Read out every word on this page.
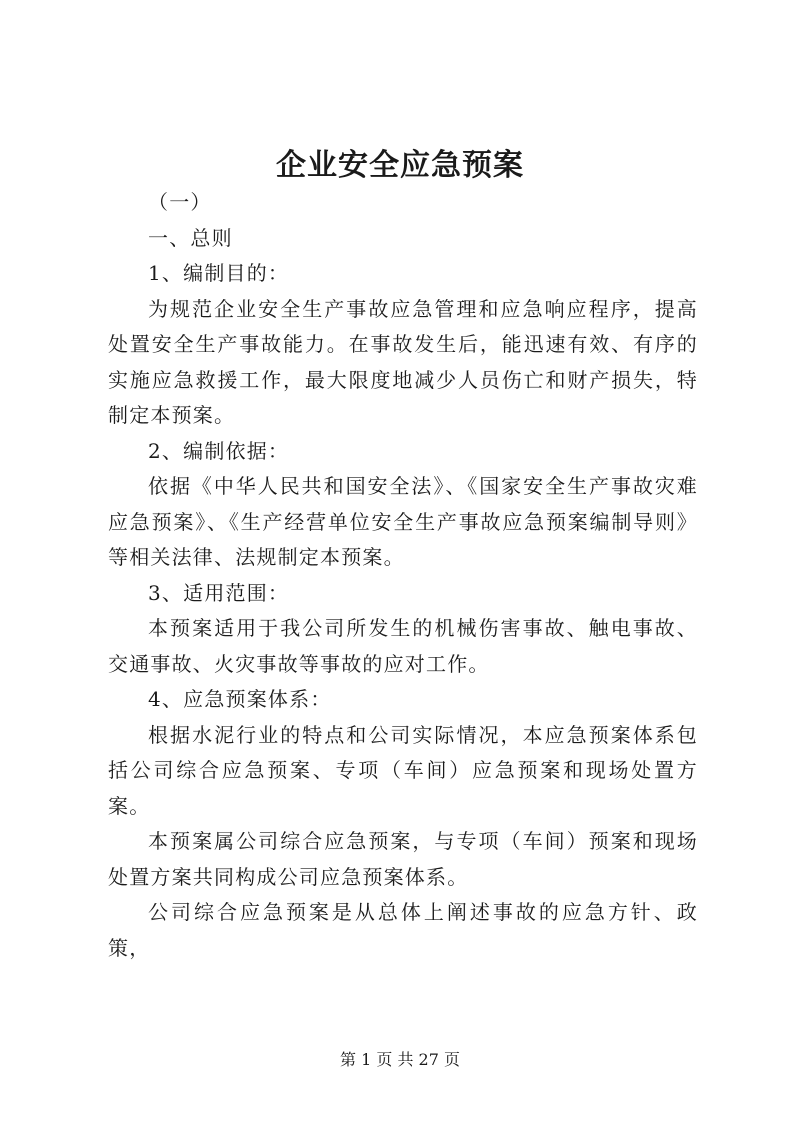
企业安全应急预案

（一）

一、总则

1、编制目的：

为规范企业安全生产事故应急管理和应急响应程序，提高处置安全生产事故能力。在事故发生后，能迅速有效、有序的实施应急救援工作，最大限度地减少人员伤亡和财产损失，特制定本预案。

2、编制依据：

依据《中华人民共和国安全法》、《国家安全生产事故灾难应急预案》、《生产经营单位安全生产事故应急预案编制导则》等相关法律、法规制定本预案。

3、适用范围：

本预案适用于我公司所发生的机械伤害事故、触电事故、交通事故、火灾事故等事故的应对工作。

4、应急预案体系：

根据水泥行业的特点和公司实际情况，本应急预案体系包括公司综合应急预案、专项（车间）应急预案和现场处置方案。

本预案属公司综合应急预案，与专项（车间）预案和现场处置方案共同构成公司应急预案体系。

公司综合应急预案是从总体上阐述事故的应急方针、政策，

第 1 页 共 27 页
